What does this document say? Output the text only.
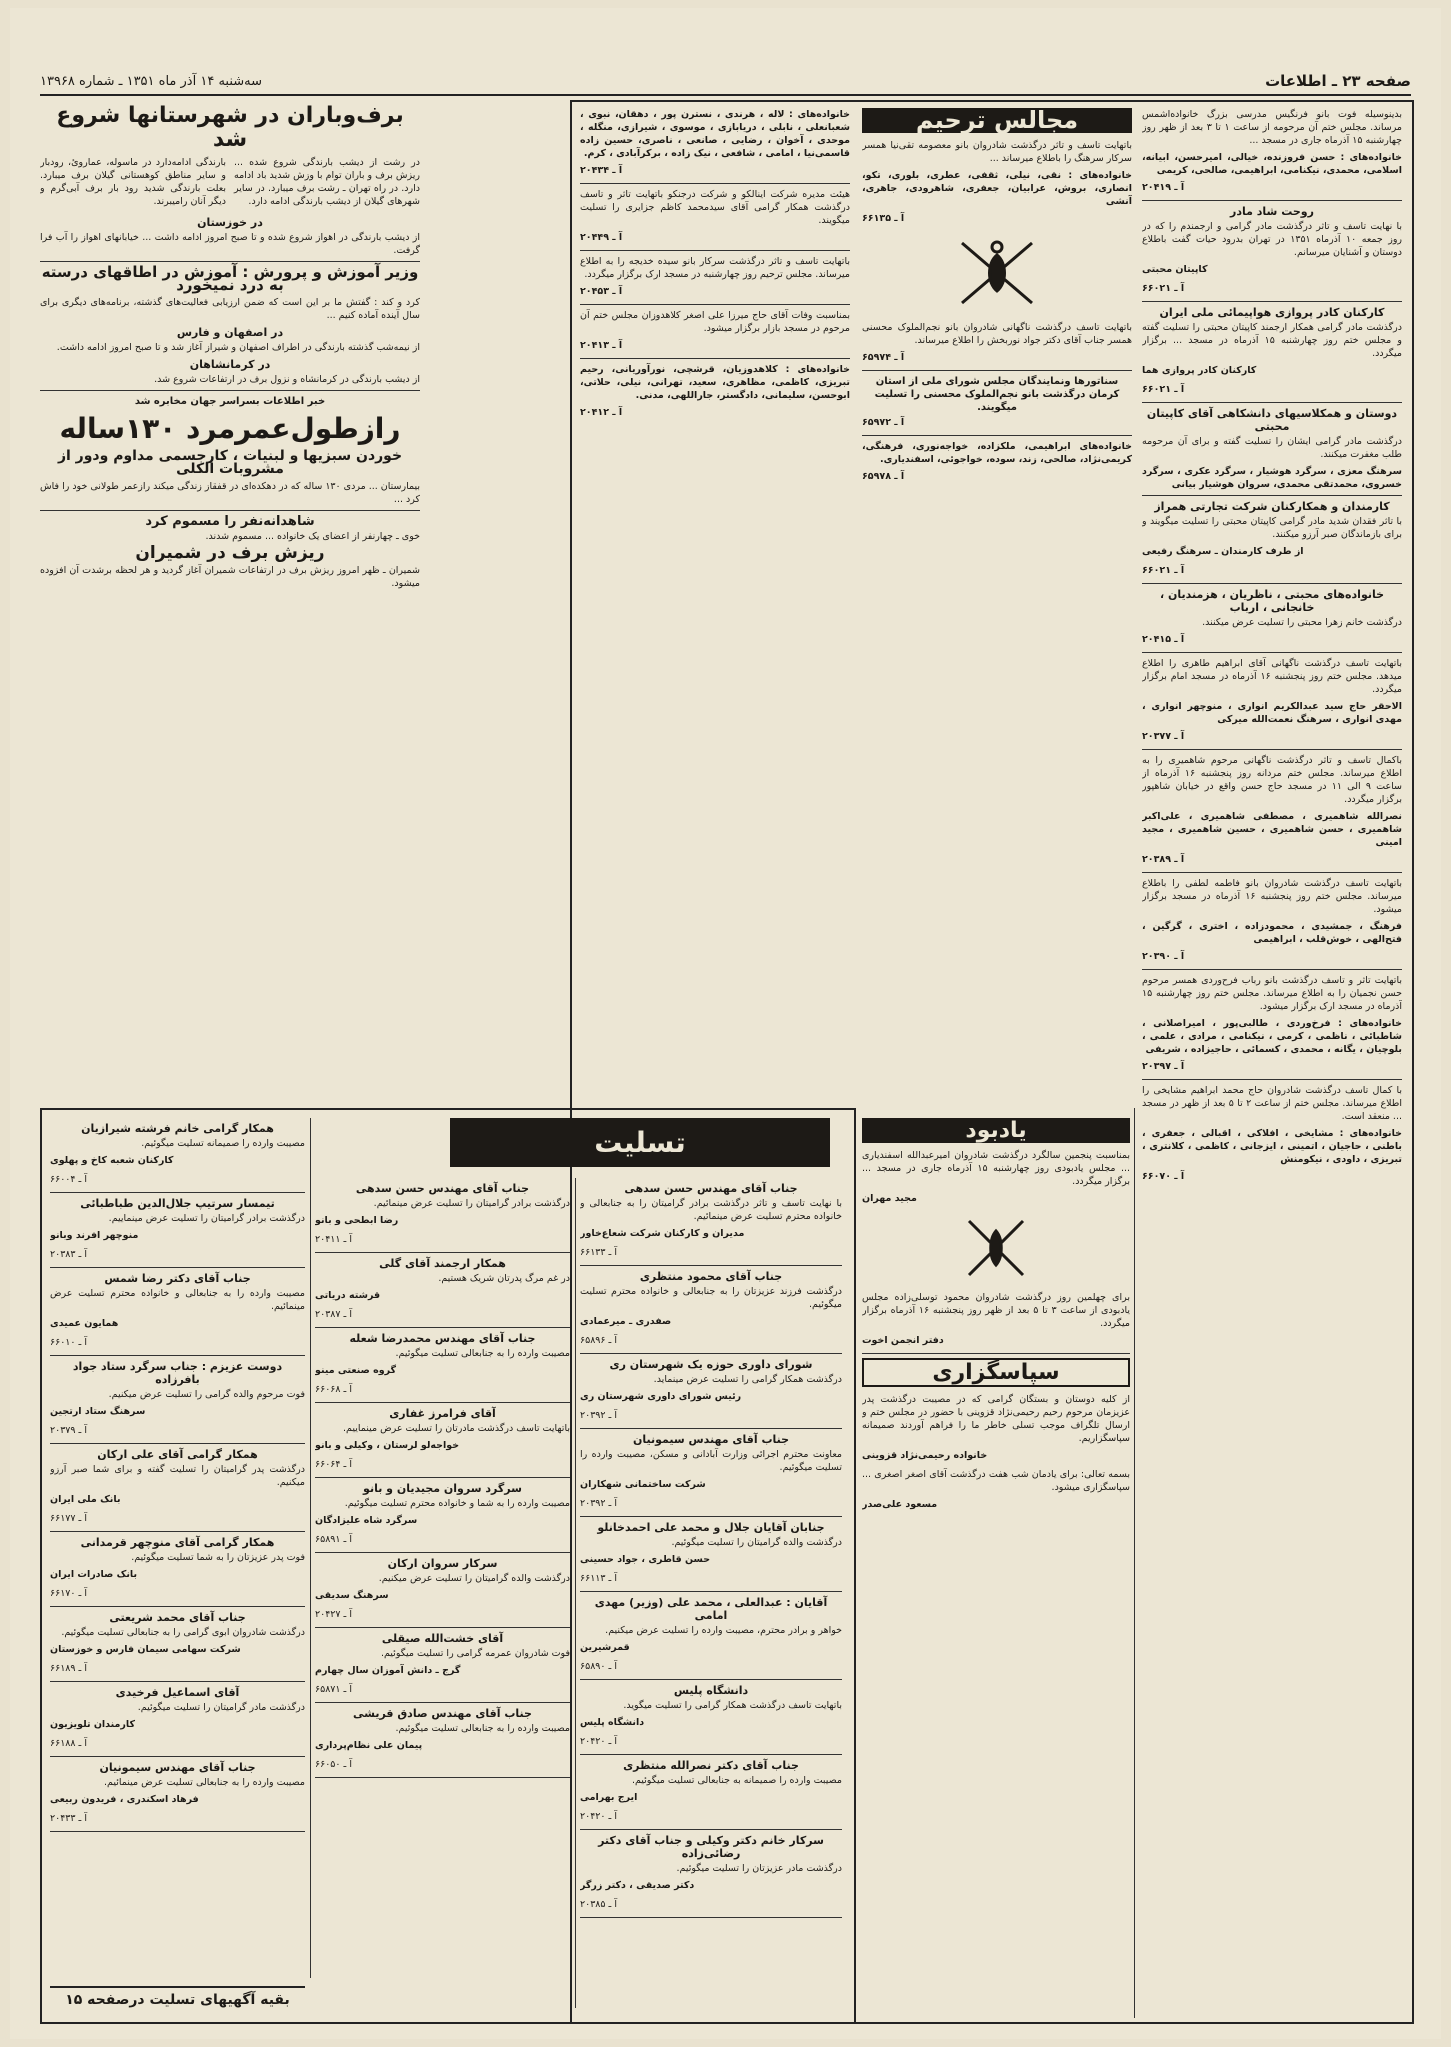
صفحه ۲۳ ـ اطلاعات
سه‌شنبه ۱۴ آذر ماه ۱۳۵۱ ـ شماره ۱۳۹۶۸
برف‌وباران در شهرستانها شروع شد

در رشت از دیشب بارندگی شروع شده ... ریزش برف و باران توام با وزش شدید باد ادامه دارد. در راه تهران ـ رشت برف میبارد. در سایر شهرهای گیلان از دیشب بارندگی ادامه دارد.

بارندگی ادامه‌دارد در ماسوله، عماروئ، رودبار و سایر مناطق کوهستانی گیلان برف میبارد. بعلت بارندگی شدید رود بار برف آبی‌گرم و دیگر آنان رامیبرند.

در خوزستان

از دیشب بارندگی در اهواز شروع شده و تا صبح امروز ادامه داشت ... خیابانهای اهواز را آب فرا گرفت.

وزیر آموزش و پرورش : آموزش در اطاقهای درسته به درد نمیخورد

کرد و کند : گفتش ما بر این است که ضمن ارزیابی فعالیت‌های گذشته، برنامه‌های دیگری برای سال آینده آماده کنیم ...

در اصفهان و فارس

از نیمه‌شب گذشته بارندگی در اطراف اصفهان و شیراز آغاز شد و تا صبح امروز ادامه داشت.

در کرمانشاهان

از دیشب بارندگی در کرمانشاه و نزول برف در ارتفاعات شروع شد.

خبر اطلاعات بسراسر جهان مخابره شد
رازطول‌عمرمرد ۱۳۰ساله
خوردن سبزیها و لبنیات ، کارجسمی مداوم ودور از مشروبات الکلی

بیمارستان ... مردی ۱۳۰ ساله که در دهکده‌ای در قفقاز زندگی میکند رازعمر طولانی خود را فاش کرد ...

شاهدانه‌نفر را مسموم کرد

خوی ـ چهارنفر از اعضای یک خانواده ... مسموم شدند.

ریزش برف در شمیران

شمیران ـ ظهر امروز ریزش برف در ارتفاعات شمیران آغاز گردید و هر لحظه برشدت آن افزوده میشود.

خانواده‌های : لاله ، هرندی ، نسترن پور ، دهقان، نبوی ، شعبانعلی ، نابلی ، دریابازی ، موسوی ، شیرازی، منگله ، موحدی ، آخوان ، رضایی ، صانعی ، ناصری، حسین زاده قاسمی‌نیا ، امامی ، شافعی ، نیک زاده ، برکرآبادی ، کرم.

آ ـ ۲۰۴۳۴

هیئت مدیره شرکت اینالکو و شرکت درجنکو باتهایت تاثر و تاسف درگذشت همکار گرامی آقای سیدمحمد کاظم جزایری را تسلیت میگویند.

آ ـ ۲۰۴۴۹

باتهایت تاسف و تاثر درگذشت سرکار بانو سیده خدیجه را به اطلاع میرساند. مجلس ترحیم روز چهارشنبه در مسجد ارک برگزار میگردد.

آ ـ ۲۰۴۵۳

بمناسبت وفات آقای حاج میرزا علی اصغر کلاهدوزان مجلس ختم آن مرحوم در مسجد بازار برگزار میشود.

آ ـ ۲۰۴۱۳

خانواده‌های : کلاهدوزیان، قرشچی، نورآوریانی، رحیم تبریزی، کاظمی، مظاهری، سعید، تهرانی، نیلی، حلاتی، ابوحسن، سلیمانی، دادگستر، جاراللهی، مدنی.

آ ـ ۲۰۴۱۲
مجالس ترحیم

باتهایت تاسف و تاثر درگذشت شادروان بانو معصومه تقی‌نیا همسر سرکار سرهنگ را باطلاع میرساند ...

خانواده‌های : نقی، نیلی، ثقفی، عطری، بلوری، تکو، انصاری، بروش، عرابیان، جعفری، شاهرودی، جاهری، آنشی

آ ـ ۶۶۱۳۵

باتهایت تاسف درگذشت ناگهانی شادروان بانو نجم‌الملوک محسنی همسر جناب آقای دکتر جواد نوربخش را اطلاع میرساند.

آ ـ ۶۵۹۷۴
سناتورها ونمایندگان مجلس شورای ملی از استان کرمان درگذشت بانو نجم‌الملوک محسنی را تسلیت میگویند.
آ ـ ۶۵۹۷۲

خانواده‌های ابراهیمی، ملکزاده، خواجه‌نوری، فرهنگی، کریمی‌نژاد، صالحی، زند، سوده، خواجوئی، اسفندیاری.

آ ـ ۶۵۹۷۸

بدینوسیله فوت بانو فرنگیس مدرسی بزرگ خانواده‌اشمس مرساند. مجلس ختم آن مرحومه از ساعت ۱ تا ۳ بعد از ظهر روز چهارشنبه ۱۵ آذرماه جاری در مسجد ...

خانواده‌های : حسن فروزنده، خیالی، امیرحسن، ابیانه، اسلامی، محمدی، نیکنامی، ابراهیمی، صالحی، کریمی

آ ـ ۲۰۴۱۹
روحت شاد مادر

با نهایت تاسف و تاثر درگذشت مادر گرامی و ارجمندم را که در روز جمعه ۱۰ آذرماه ۱۳۵۱ در تهران بدرود حیات گفت باطلاع دوستان و آشنایان میرسانم.

کاپیتان محبتی
آ ـ ۶۶۰۲۱
کارکنان کادر پروازی هواپیمائی ملی ایران

درگذشت مادر گرامی همکار ارجمند کاپیتان محبتی را تسلیت گفته و مجلس ختم روز چهارشنبه ۱۵ آذرماه در مسجد ... برگزار میگردد.

کارکنان کادر پروازی هما
آ ـ ۶۶۰۲۱
دوستان و همکلاسیهای دانشکاهی آقای کاپیتان محبتی

درگذشت مادر گرامی ایشان را تسلیت گفته و برای آن مرحومه طلب مغفرت میکنند.

سرهنگ معزی ، سرگرد هوشیار ، سرگرد عکری ، سرگرد خسروی، محمدتقی محمدی، سروان هوشیار بیانی

کارمندان و همکارکنان شرکت تجارتی همراز

با تاثر فقدان شدید مادر گرامی کاپیتان محبتی را تسلیت میگویند و برای بازماندگان صبر آرزو میکنند.

از طرف کارمندان ـ سرهنگ رفیعی
آ ـ ۶۶۰۲۱
خانواده‌های محبتی ، ناظریان ، هزمندیان ، خانجانی ، ارباب

درگذشت خانم زهرا محبتی را تسلیت عرض میکنند.

آ ـ ۲۰۴۱۵

باتهایت تاسف درگذشت ناگهانی آقای ابراهیم طاهری را اطلاع میدهد. مجلس ختم روز پنجشنبه ۱۶ آذرماه در مسجد امام برگزار میگردد.

الاحقر حاج سید عبدالکریم انواری ، منوچهر انواری ، مهدی انواری ، سرهنگ نعمت‌الله میرکی

آ ـ ۲۰۳۷۷

باکمال تاسف و تاثر درگذشت ناگهانی مرحوم شاهمیری را به اطلاع میرساند. مجلس ختم مردانه روز پنجشنبه ۱۶ آذرماه از ساعت ۹ الی ۱۱ در مسجد حاج حسن واقع در خیابان شاهپور برگزار میگردد.

نصرالله شاهمیری ، مصطفی شاهمیری ، علی‌اکبر شاهمیری ، حسن شاهمیری ، حسین شاهمیری ، مجید امینی

آ ـ ۲۰۳۸۹

باتهایت تاسف درگذشت شادروان بانو فاطمه لطفی را باطلاع میرساند. مجلس ختم روز پنجشنبه ۱۶ آذرماه در مسجد برگزار میشود.

فرهنگ ، جمشیدی ، محمودزاده ، اختری ، گرگین ، فتح‌الهی ، خوش‌قلب ، ابراهیمی

آ ـ ۲۰۳۹۰

باتهایت تاثر و تاسف درگذشت بانو رباب فرح‌وردی همسر مرحوم حسن نجمیان را به اطلاع میرساند. مجلس ختم روز چهارشنبه ۱۵ آذرماه در مسجد ارک برگزار میشود.

خانواده‌های : فرخ‌وردی ، طالبی‌پور ، امیراصلانی ، شاطبائی ، ناظمی ، کرمی ، نیکنامی ، مرادی ، علمی ، بلوچیان ، یگانه ، محمدی ، کسمائی ، حاجیزاده ، شریفی

آ ـ ۲۰۳۹۷

با کمال تاسف درگذشت شادروان حاج محمد ابراهیم مشایخی را اطلاع میرساند. مجلس ختم از ساعت ۲ تا ۵ بعد از ظهر در مسجد ... منعقد است.

خانواده‌های : مشایخی ، افلاکی ، اقبالی ، جعفری ، باطنی ، حاجیان ، اتمینی ، ایزجانی ، کاظمی ، کلانتری ، تبریزی ، داودی ، نیکومنش

آ ـ ۶۶۰۷۰
یادبود

بمناسبت پنجمین سالگرد درگذشت شادروان امیرعبدالله اسفندیاری ... مجلس یادبودی روز چهارشنبه ۱۵ آذرماه جاری در مسجد ... برگزار میگردد.

مجید مهران

برای چهلمین روز درگذشت شادروان محمود توسلی‌زاده مجلس یادبودی از ساعت ۳ تا ۵ بعد از ظهر روز پنجشنبه ۱۶ آذرماه برگزار میگردد.

دفتر انجمن اخوت
سپاسگزاری

از کلیه دوستان و بستگان گرامی که در مصیبت درگذشت پدر عزیزمان مرحوم رحیم رحیمی‌نژاد قزوینی با حضور در مجلس ختم و ارسال تلگراف موجب تسلی خاطر ما را فراهم آوردند صمیمانه سپاسگزاریم.

خانواده رحیمی‌نژاد قزوینی

بسمه تعالی: برای یادمان شب هفت درگذشت آقای اصغر اصغری ... سپاسگزاری میشود.

مسعود علی‌صدر
تسلیت
همکار گرامی خانم فرشته شیرازیان

مصیبت وارده را صمیمانه تسلیت میگوئیم.

کارکنان شعبه کاخ و پهلوی
آ ـ ۶۶۰۰۴
تیمسار سرتیپ جلال‌الدین طباطبائی

درگذشت برادر گرامیتان را تسلیت عرض مینماییم.

منوچهر افرند وبانو
آ ـ ۲۰۳۸۳
جناب آقای دکتر رضا شمس

مصیبت وارده را به جنابعالی و خانواده محترم تسلیت عرض مینمائیم.

همایون عمیدی
آ ـ ۶۶۰۱۰
دوست عزیزم : جناب سرگرد ستاد جواد بافرزاده

فوت مرحوم والده گرامی را تسلیت عرض میکنیم.

سرهنگ ستاد ارتجین
آ ـ ۲۰۳۷۹
همکار گرامی آقای علی ارکان

درگذشت پدر گرامیتان را تسلیت گفته و برای شما صبر آرزو میکنیم.

بانک ملی ایران
آ ـ ۶۶۱۷۷
همکار گرامی آقای منوچهر قرمدانی

فوت پدر عزیزتان را به شما تسلیت میگوئیم.

بانک صادرات ایران
آ ـ ۶۶۱۷۰
جناب آقای محمد شریعتی

درگذشت شادروان ابوی گرامی را به جنابعالی تسلیت میگوئیم.

شرکت سهامی سیمان فارس و خوزستان
آ ـ ۶۶۱۸۹
آقای اسماعیل فرخیدی

درگذشت مادر گرامیتان را تسلیت میگوئیم.

کارمندان تلویزیون
آ ـ ۶۶۱۸۸
جناب آقای مهندس سیمونیان

مصیبت وارده را به جنابعالی تسلیت عرض مینمائیم.

فرهاد اسکندری ، فریدون ربیعی
آ ـ ۲۰۴۳۳
جناب آقای مهندس حسن سدهی

درگذشت برادر گرامیتان را تسلیت عرض مینمائیم.

رضا ابطحی و بانو
آ ـ ۲۰۴۱۱
همکار ارجمند آقای گلی

در غم مرگ پدرتان شریک هستیم.

قرشته دریاتی
آ ـ ۲۰۳۸۷
جناب آقای مهندس محمدرضا شعله

مصیبت وارده را به جنابعالی تسلیت میگوئیم.

گروه صنعتی مینو
آ ـ ۶۶۰۶۸
آقای فرامرز غفاری

باتهایت تاسف درگذشت مادرتان را تسلیت عرض مینماییم.

خواجه‌لو لرستان ، وکیلی و بانو
آ ـ ۶۶۰۶۴
سرگرد سروان مجیدیان و بانو

مصیبت وارده را به شما و خانواده محترم تسلیت میگوئیم.

سرگرد شاه علیزادگان
آ ـ ۶۵۸۹۱
سرکار سروان ارکان

درگذشت والده گرامیتان را تسلیت عرض میکنیم.

سرهنگ سدیقی
آ ـ ۲۰۴۲۷
آقای خشت‌الله صیقلی

فوت شادروان عمرمه گرامی را تسلیت میگوئیم.

گرج ـ دانش آموزان سال چهارم
آ ـ ۶۵۸۷۱
جناب آقای مهندس صادق قریشی

مصیبت وارده را به جنابعالی تسلیت میگوئیم.

پیمان علی نظام‌پرداری
آ ـ ۶۶۰۵۰
جناب آقای مهندس حسن سدهی

با نهایت تاسف و تاثر درگذشت برادر گرامیتان را به جنابعالی و خانواده محترم تسلیت عرض مینمائیم.

مدیران و کارکنان شرکت شعاع‌خاور
آ ـ ۶۶۱۳۳
جناب آقای محمود منتظری

درگذشت فرزند عزیزتان را به جنابعالی و خانواده محترم تسلیت میگوئیم.

صفدری ـ میرعمادی
آ ـ ۶۵۸۹۶
شورای داوری حوزه یک شهرستان ری

درگذشت همکار گرامی را تسلیت عرض مینماید.

رئیس شورای داوری شهرستان ری
آ ـ ۲۰۳۹۲
جناب آقای مهندس سیمونیان

معاونت محترم اجرائی وزارت آبادانی و مسکن، مصیبت وارده را تسلیت میگوئیم.

شرکت ساختمانی شهکاران
آ ـ ۲۰۳۹۲
جنابان آقایان جلال و محمد علی احمدخانلو

درگذشت والده گرامیتان را تسلیت میگوئیم.

حسن قاطری ، جواد حسینی
آ ـ ۶۶۱۱۳
آقایان : عبدالعلی ، محمد علی (وزیر) مهدی امامی

خواهر و برادر محترم، مصیبت وارده را تسلیت عرض میکنیم.

قمر‌شیرین
آ ـ ۶۵۸۹۰
دانشگاه پلیس

باتهایت تاسف درگذشت همکار گرامی را تسلیت میگوید.

دانشگاه پلیس
آ ـ ۲۰۴۲۰
جناب آقای دکتر نصرالله منتظری

مصیبت وارده را صمیمانه به جنابعالی تسلیت میگوئیم.

ایرج بهرامی
آ ـ ۲۰۴۲۰
سرکار خانم دکتر وکیلی و جناب آقای دکتر رضائی‌زاده

درگذشت مادر عزیزتان را تسلیت میگوئیم.

دکتر صدیقی ، دکتر زرگر
آ ـ ۲۰۳۸۵
بقیه آگهیهای تسلیت درصفحه ۱۵
